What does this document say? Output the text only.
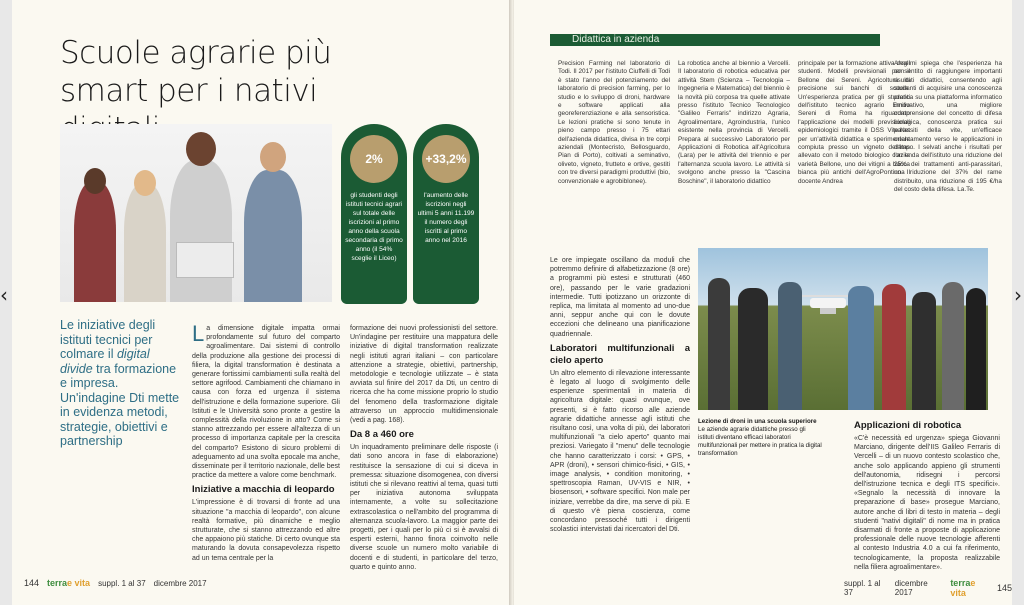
‹	›
Scuole agrarie più smart per i nativi
2%
gli studenti degli istituti tecnici agrari sul totale delle iscrizioni al primo anno della scuola secondaria di primo anno (il 54% sceglie il Liceo)
+33,2%
l'aumento delle iscrizioni negli ultimi 5 anni 11.199 il numero degli iscritti al primo anno nel 2016
Le iniziative degli istituti tecnici per colmare il digital divide tra formazione e impresa. Un'indagine Dti mette in evidenza metodi, strategie, obiettivi e partnership

La dimensione digitale impatta ormai profondamente sul futuro del comparto agroalimentare. Dai sistemi di controllo della produzione alla gestione dei processi di filiera, la digital transformation è destinata a generare fortissimi cambiamenti sulla realtà del settore agrifood. Cambiamenti che chiamano in causa con forza ed urgenza il sistema dell'istruzione e della formazione superiore. Gli Istituti e le Università sono pronte a gestire la complessità della rivoluzione in atto? Come si stanno attrezzando per essere all'altezza di un processo di importanza capitale per la crescita del comparto? Esistono di sicuro problemi di adeguamento ad una svolta epocale ma anche, disseminate per il territorio nazionale, delle best practice da mettere a valore come benchmark.

Iniziative a macchia di leopardo

L'impressione è di trovarsi di fronte ad una situazione "a macchia di leopardo", con alcune realtà formative, più dinamiche e meglio strutturate, che si stanno attrezzando ed altre che appaiono più statiche. Di certo ovunque sta maturando la dovuta consapevolezza rispetto ad un tema centrale per la

formazione dei nuovi professionisti del settore. Un'indagine per restituire una mappatura delle iniziative di digital transformation realizzate negli istituti agrari italiani – con particolare attenzione a strategie, obiettivi, partnership, metodologie e tecnologie utilizzate – è stata avviata sul finire del 2017 da Dti, un centro di ricerca che ha come missione proprio lo studio del fenomeno della trasformazione digitale attraverso un approccio multidimensionale (vedi a pag. 168).

Da 8 a 460 ore

Un inquadramento preliminare delle risposte (i dati sono ancora in fase di elaborazione) restituisce la sensazione di cui si diceva in premessa: situazione disomogenea, con diversi istituti che si rilevano reattivi al tema, quasi tutti per iniziativa autonoma sviluppata internamente, a volte su sollecitazione extrascolastica o nell'ambito del programma di alternanza scuola-lavoro. La maggior parte dei progetti, per i quali per lo più ci si è avvalsi di esperti esterni, hanno finora coinvolto nelle diverse scuole un numero molto variabile di docenti e di studenti, in particolare del terzo, quarto e quinto anno.

144 terrae vita suppl. 1 al 37 dicembre 2017
Didattica in azienda
Precision Farming nel laboratorio di Todi. Il 2017 per l'istituto Ciuffelli di Todi è stato l'anno del potenziamento del laboratorio di precision farming, per lo studio e lo sviluppo di droni, hardware e software applicati alla georeferenziazione e alla sensoristica. Le lezioni pratiche si sono tenute in pieno campo presso i 75 ettari dell'azienda didattica, divisa in tre corpi aziendali (Montecristo, Bellosguardo, Pian di Porto), coltivati a seminativo, oliveto, vigneto, frutteto e ortive, gestiti con tre diversi paradigmi produttivi (bio, convenzionale e agrobiblonee).
La robotica anche al biennio a Vercelli. Il laboratorio di robotica educativa per attività Stem (Scienza – Tecnologia – Ingegneria e Matematica) del biennio è la novità più corposa tra quelle attivate presso l'istituto Tecnico Tecnologico "Galileo Ferraris" indirizzo Agraria, Agroalimentare, Agroindustria, l'unico esistente nella provincia di Vercelli. Prepara al successivo Laboratorio per Applicazioni di Robotica all'Agricoltura (Lara) per le attività del triennio e per l'alternanza scuola lavoro. Le attività si svolgono anche presso la "Cascina Boschine", il laboratorio didattico
principale per la formazione attiva degli studenti. Modelli previsionali per il Bellone dei Sereni. Agricoltura di precisione sui banchi di scuola. Un'esperienza pratica per gli studenti dell'istituto tecnico agrario Emilio Sereni di Roma ha riguardato l'applicazione dei modelli previsionali epidemiologici tramite il DSS Vite.Net per un'attività didattica e sperimentale compiuta presso un vigneto dell'Itas allevato con il metodo biologico con la varietà Bellone, uno dei vitigni a bacca bianca più antichi dell'AgroPontino. Il docente Andrea
Anselmi spiega che l'esperienza ha consentito di raggiungere importanti risultati didattici, consentendo agli studenti di acquisire una conoscenza pratica su una piattaforma informatico innovativo, una migliore comprensione del concetto di difesa biologica, conoscenza pratica sui parassiti della vite, un'efficace orientamento verso le applicazioni in campo. I selvati anche i risultati per l'azienda dell'istituto una riduzione del 25% dei trattamenti anti-parassitari, una riduzione del 37% del rame distribuito, una riduzione di 195 €/ha del costo della difesa. La.Te.

Le ore impiegate oscillano da moduli che potremmo definire di alfabetizzazione (8 ore) a programmi più estesi e strutturati (460 ore), passando per le varie gradazioni intermedie. Tutti ipotizzano un orizzonte di replica, ma limitata al momento ad uno-due anni, seppur anche qui con le dovute eccezioni che delineano una pianificazione quadriennale.

Laboratori multifunzionali a cielo aperto

Un altro elemento di rilevazione interessante è legato al luogo di svolgimento delle esperienze sperimentali in materia di agricoltura digitale: quasi ovunque, ove presenti, si è fatto ricorso alle aziende agrarie didattiche annesse agli istituti che risultano così, una volta di più, dei laboratori multifunzionali "a cielo aperto" quanto mai preziosi. Variegato il "menu" delle tecnologie che hanno caratterizzato i corsi: • GPS, • APR (droni), • sensori chimico-fisici, • GIS, • image analysis, • condition monitoring, • spettroscopia Raman, UV-VIS e NIR, • biosensori, • software specifici. Non male per iniziare, verrebbe da dire, ma serve di più. E di questo v'è piena coscienza, come concordano pressoché tutti i dirigenti scolastici intervistati dai ricercatori del Dti.

Lezione di droni in una scuola superiore
Le aziende agrarie didattiche presso gli istituti diventano efficaci laboratori multifunzionali per mettere in pratica la digital transformation
Applicazioni di robotica

«C'è necessità ed urgenza» spiega Giovanni Marciano, dirigente dell'IIS Galileo Ferraris di Vercelli – di un nuovo contesto scolastico che, anche solo applicando appieno gli strumenti dell'autonomia, ridisegni i percorsi dell'istruzione tecnica e degli ITS specifici». «Segnalo la necessità di innovare la preparazione di base» prosegue Marciano, autore anche di libri di testo in materia – degli studenti "nativi digitali" di nome ma in pratica disarmati di fronte a proposte di applicazione professionale delle nuove tecnologie afferenti al contesto Industria 4.0 a cui fa riferimento, tecnologicamente, la proposta realizzabile nella filiera agroalimentare».

suppl. 1 al 37
dicembre 2017
terrae vita	145
